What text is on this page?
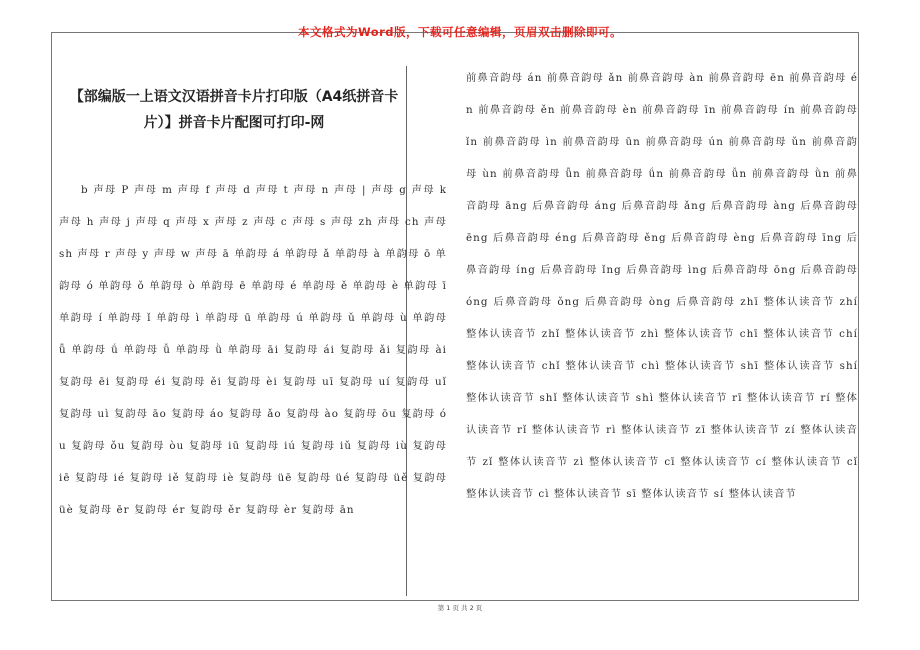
本文格式为Word版，下载可任意编辑，页眉双击删除即可。
【部编版一上语文汉语拼音卡片打印版（A4纸拼音卡片）】拼音卡片配图可打印-网
b 声母 P 声母 m 声母 f 声母 d 声母 t 声母 n 声母 | 声母 g 声母 k 声母 h 声母 j 声母 q 声母 x 声母 z 声母 c 声母 s 声母 zh 声母 ch 声母 sh 声母 r 声母 y 声母 w 声母 ā 单韵母 á 单韵母 ǎ 单韵母 à 单韵母 ō 单韵母 ó 单韵母 ǒ 单韵母 ò 单韵母 ē 单韵母 é 单韵母 ě 单韵母 è 单韵母 ī 单韵母 í 单韵母 ǐ 单韵母 ì 单韵母 ū 单韵母 ú 单韵母 ǔ 单韵母 ù 单韵母 ǖ 单韵母 ǘ 单韵母 ǚ 单韵母 ǜ 单韵母 āi 复韵母 ái 复韵母 ǎi 复韵母 ài 复韵母 ēi 复韵母 éi 复韵母 ěi 复韵母 èi 复韵母 uī 复韵母 uí 复韵母 uǐ 复韵母 uì 复韵母 āo 复韵母 áo 复韵母 ǎo 复韵母 ào 复韵母 ōu 复韵母 óu 复韵母 ǒu 复韵母 òu 复韵母 iū 复韵母 iú 复韵母 iǔ 复韵母 iù 复韵母 iē 复韵母 ié 复韵母 iě 复韵母 iè 复韵母 üē 复韵母 üé 复韵母 üě 复韵母 üè 复韵母 ēr 复韵母 ér 复韵母 ěr 复韵母 èr 复韵母 ān
前鼻音韵母 án 前鼻音韵母 ǎn 前鼻音韵母 àn 前鼻音韵母 ēn 前鼻音韵母 én 前鼻音韵母 ěn 前鼻音韵母 èn 前鼻音韵母 īn 前鼻音韵母 ín 前鼻音韵母 ǐn 前鼻音韵母 ìn 前鼻音韵母 ūn 前鼻音韵母 ún 前鼻音韵母 ǔn 前鼻音韵母 ùn 前鼻音韵母 ǖn 前鼻音韵母 ǘn 前鼻音韵母 ǚn 前鼻音韵母 ǜn 前鼻音韵母 āng 后鼻音韵母 áng 后鼻音韵母 ǎng 后鼻音韵母 àng 后鼻音韵母 ēng 后鼻音韵母 éng 后鼻音韵母 ěng 后鼻音韵母 èng 后鼻音韵母 īng 后鼻音韵母 íng 后鼻音韵母 ǐng 后鼻音韵母 ìng 后鼻音韵母 ōng 后鼻音韵母 óng 后鼻音韵母 ǒng 后鼻音韵母 òng 后鼻音韵母 zhī 整体认读音节 zhí 整体认读音节 zhǐ 整体认读音节 zhì 整体认读音节 chī 整体认读音节 chí 整体认读音节 chǐ 整体认读音节 chì 整体认读音节 shī 整体认读音节 shí 整体认读音节 shǐ 整体认读音节 shì 整体认读音节 rī 整体认读音节 rí 整体认读音节 rǐ 整体认读音节 rì 整体认读音节 zī 整体认读音节 zí 整体认读音节 zǐ 整体认读音节 zì 整体认读音节 cī 整体认读音节 cí 整体认读音节 cǐ 整体认读音节 cì 整体认读音节 sī 整体认读音节 sí 整体认读音节
第 1 页 共 2 页
